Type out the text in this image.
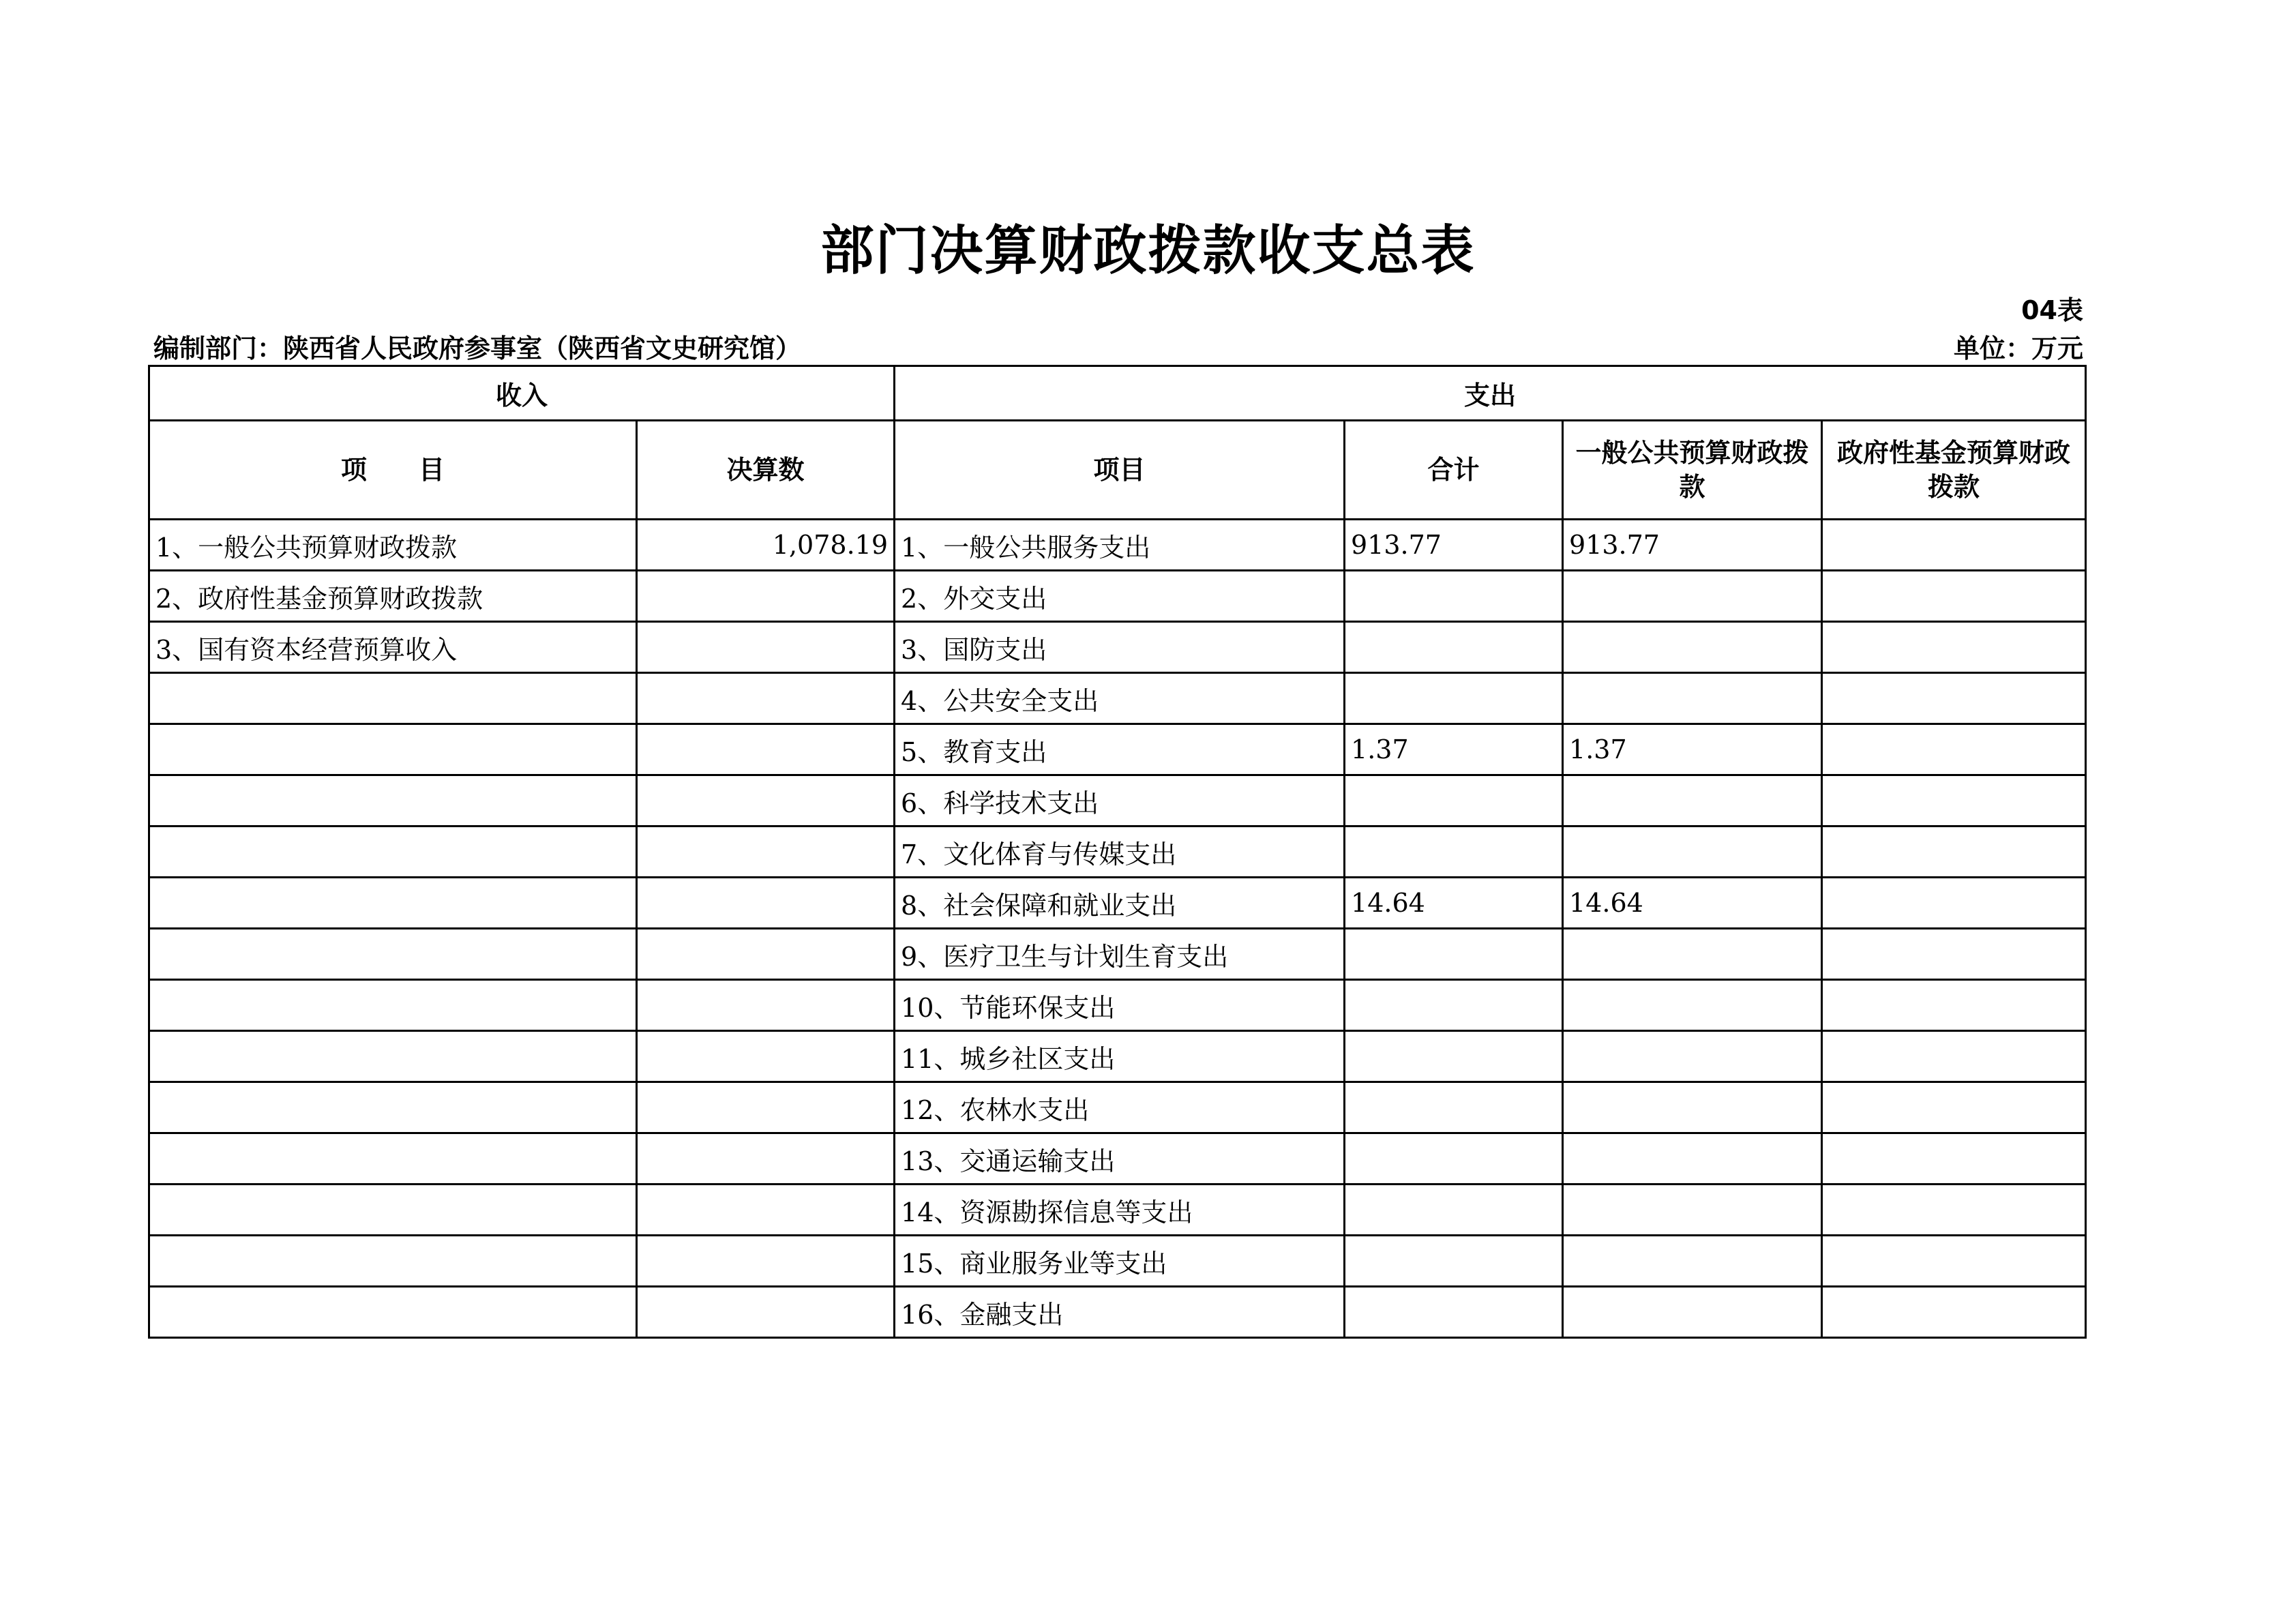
部门决算财政拨款收支总表
04表
编制部门：陕西省人民政府参事室（陕西省文史研究馆）	单位：万元
收入		支出			
项　　目	决算数	项目	合计	一般公共预算财政拨款	政府性基金预算财政拨款
1、一般公共预算财政拨款	1,078.19	1、一般公共服务支出	913.77	913.77	
2、政府性基金预算财政拨款		2、外交支出			
3、国有资本经营预算收入		3、国防支出			
		4、公共安全支出			
		5、教育支出	1.37	1.37	
		6、科学技术支出			
		7、文化体育与传媒支出			
		8、社会保障和就业支出	14.64	14.64	
		9、医疗卫生与计划生育支出			
		10、节能环保支出			
		11、城乡社区支出			
		12、农林水支出			
		13、交通运输支出			
		14、资源勘探信息等支出			
		15、商业服务业等支出			
		16、金融支出			
